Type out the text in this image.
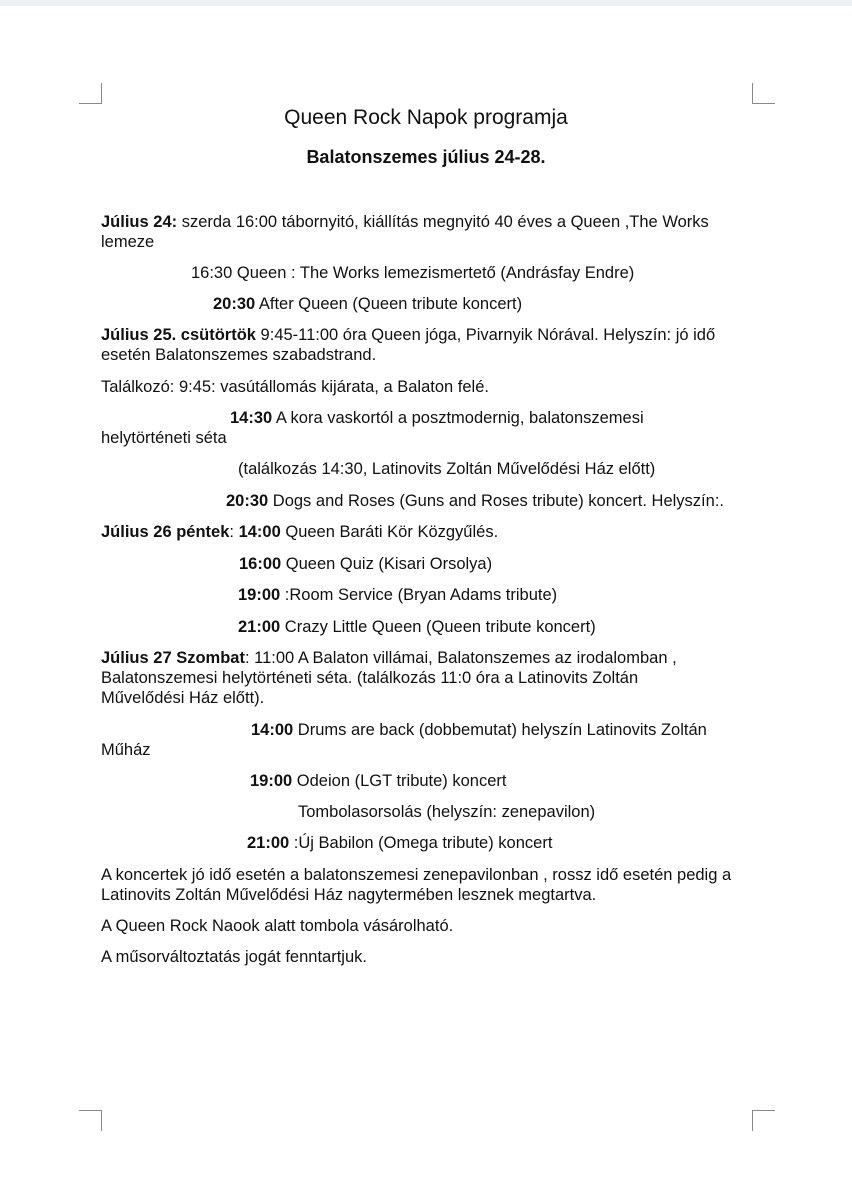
Queen Rock Napok programja
Balatonszemes július 24-28.
Július 24: szerda 16:00 tábornyitó, kiállítás megnyitó 40 éves a Queen ,The Works
lemeze
16:30 Queen : The Works lemezismertető (Andrásfay Endre)
20:30 After Queen (Queen tribute koncert)
Július 25. csütörtök 9:45-11:00 óra Queen jóga, Pivarnyik Nórával. Helyszín: jó idő
esetén Balatonszemes szabadstrand.
Találkozó: 9:45: vasútállomás kijárata, a Balaton felé.
14:30 A kora vaskortól a posztmodernig, balatonszemesi
helytörténeti séta
(találkozás 14:30, Latinovits Zoltán Művelődési Ház előtt)
20:30 Dogs and Roses (Guns and Roses tribute) koncert. Helyszín:.
Július 26 péntek: 14:00 Queen Baráti Kör Közgyűlés.
16:00 Queen Quiz (Kisari Orsolya)
19:00 :Room Service (Bryan Adams tribute)
21:00 Crazy Little Queen (Queen tribute koncert)
Július 27 Szombat: 11:00 A Balaton villámai, Balatonszemes az irodalomban ,
Balatonszemesi helytörténeti séta. (találkozás 11:0 óra a Latinovits Zoltán
Művelődési Ház előtt).
14:00 Drums are back (dobbemutat) helyszín Latinovits Zoltán
Műház
19:00 Odeion (LGT tribute) koncert
Tombolasorsolás (helyszín: zenepavilon)
21:00 :Új Babilon (Omega tribute) koncert
A koncertek jó idő esetén a balatonszemesi zenepavilonban , rossz idő esetén pedig a
Latinovits Zoltán Művelődési Ház nagytermében lesznek megtartva.
A Queen Rock Naook alatt tombola vásárolható.
A műsorváltoztatás jogát fenntartjuk.
